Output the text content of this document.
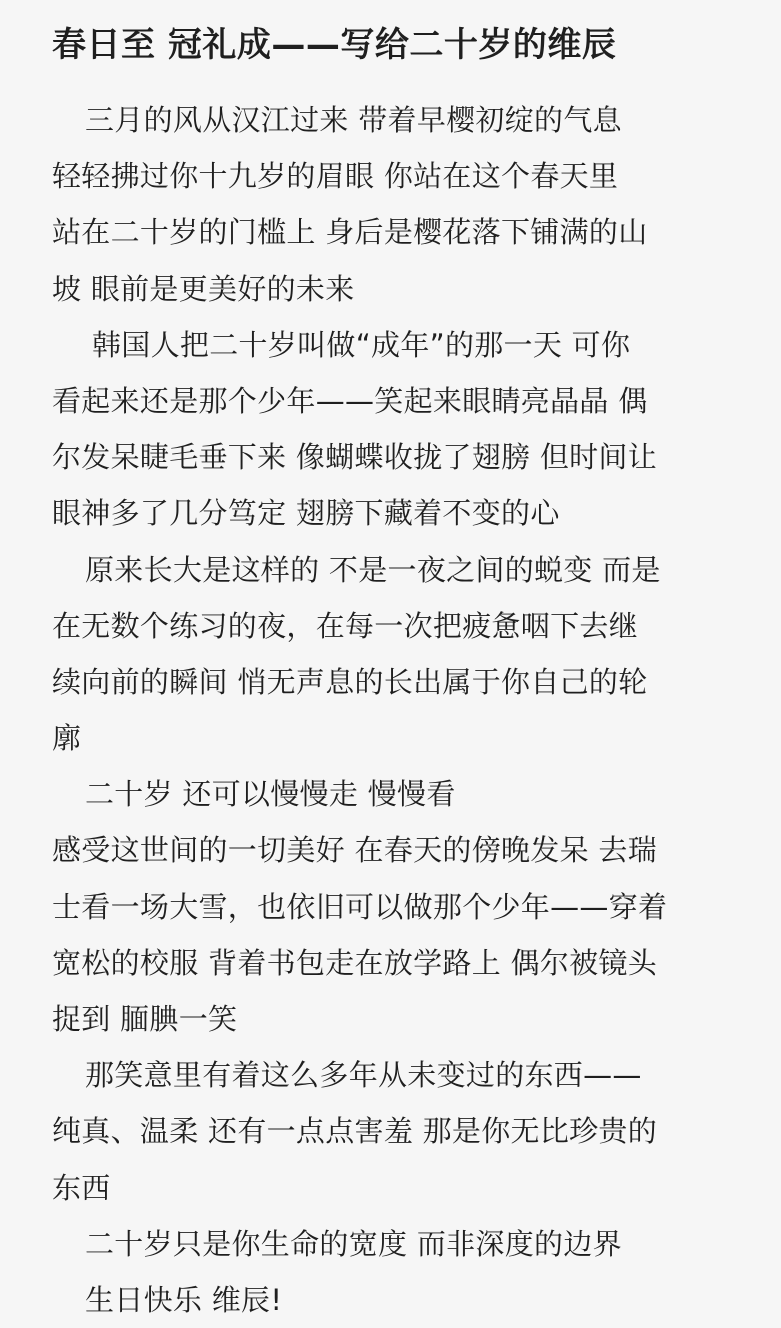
春日至 冠礼成——写给二十岁的维辰
三月的风从汉江过来 带着早樱初绽的气息
轻轻拂过你十九岁的眉眼 你站在这个春天里
站在二十岁的门槛上 身后是樱花落下铺满的山
坡 眼前是更美好的未来
韩国人把二十岁叫做“成年”的那一天 可你
看起来还是那个少年——笑起来眼睛亮晶晶 偶
尔发呆睫毛垂下来 像蝴蝶收拢了翅膀 但时间让
眼神多了几分笃定 翅膀下藏着不变的心
原来长大是这样的 不是一夜之间的蜕变 而是
在无数个练习的夜，在每一次把疲惫咽下去继
续向前的瞬间 悄无声息的长出属于你自己的轮
廓
二十岁 还可以慢慢走 慢慢看
感受这世间的一切美好 在春天的傍晚发呆 去瑞
士看一场大雪，也依旧可以做那个少年——穿着
宽松的校服 背着书包走在放学路上 偶尔被镜头
捉到 腼腆一笑
那笑意里有着这么多年从未变过的东西——
纯真、温柔 还有一点点害羞 那是你无比珍贵的
东西
二十岁只是你生命的宽度 而非深度的边界
生日快乐 维辰!
